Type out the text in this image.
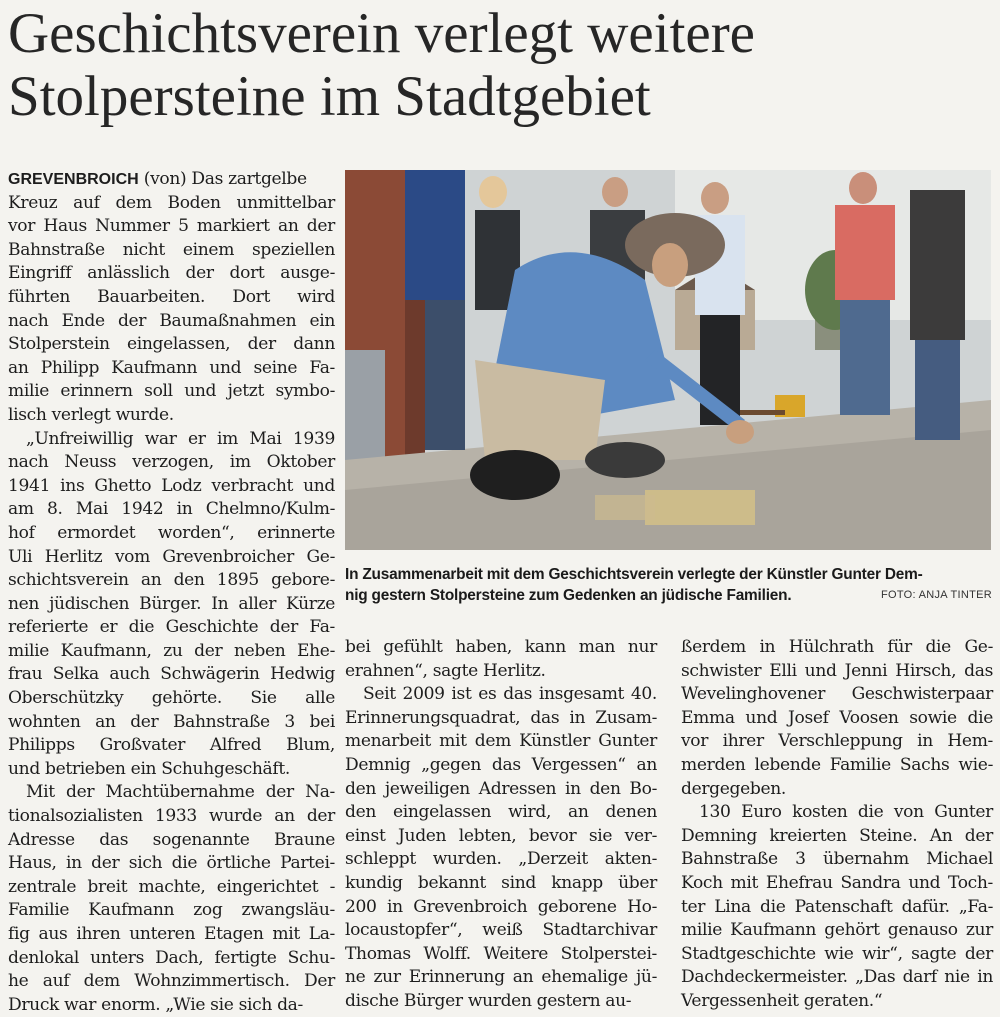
Geschichtsverein verlegt weitere
Stolpersteine im Stadtgebiet
GREVENBROICH (von) Das zartgelbe
Kreuz auf dem Boden unmittelbar
vor Haus Nummer 5 markiert an der
Bahnstraße nicht einem speziellen
Eingriff anlässlich der dort ausge-
führten Bauarbeiten. Dort wird
nach Ende der Baumaßnahmen ein
Stolperstein eingelassen, der dann
an Philipp Kaufmann und seine Fa-
milie erinnern soll und jetzt symbo-
lisch verlegt wurde.
„Unfreiwillig war er im Mai 1939
nach Neuss verzogen, im Oktober
1941 ins Ghetto Lodz verbracht und
am 8. Mai 1942 in Chelmno/Kulm-
hof ermordet worden“, erinnerte
Uli Herlitz vom Grevenbroicher Ge-
schichtsverein an den 1895 gebore-
nen jüdischen Bürger. In aller Kürze
referierte er die Geschichte der Fa-
milie Kaufmann, zu der neben Ehe-
frau Selka auch Schwägerin Hedwig
Oberschützky gehörte. Sie alle
wohnten an der Bahnstraße 3 bei
Philipps Großvater Alfred Blum,
und betrieben ein Schuhgeschäft.
Mit der Machtübernahme der Na-
tionalsozialisten 1933 wurde an der
Adresse das sogenannte Braune
Haus, in der sich die örtliche Partei-
zentrale breit machte, eingerichtet -
Familie Kaufmann zog zwangsläu-
fig aus ihren unteren Etagen mit La-
denlokal unters Dach, fertigte Schu-
he auf dem Wohnzimmertisch. Der
Druck war enorm. „Wie sie sich da-
In Zusammenarbeit mit dem Geschichtsverein verlegte der Künstler Gunter Dem-
nig gestern Stolpersteine zum Gedenken an jüdische Familien.	FOTO: ANJA TINTER
bei gefühlt haben, kann man nur
erahnen“, sagte Herlitz.
Seit 2009 ist es das insgesamt 40.
Erinnerungsquadrat, das in Zusam-
menarbeit mit dem Künstler Gunter
Demnig „gegen das Vergessen“ an
den jeweiligen Adressen in den Bo-
den eingelassen wird, an denen
einst Juden lebten, bevor sie ver-
schleppt wurden. „Derzeit akten-
kundig bekannt sind knapp über
200 in Grevenbroich geborene Ho-
locaustopfer“, weiß Stadtarchivar
Thomas Wolff. Weitere Stolperstei-
ne zur Erinnerung an ehemalige jü-
dische Bürger wurden gestern au-
ßerdem in Hülchrath für die Ge-
schwister Elli und Jenni Hirsch, das
Wevelinghovener Geschwisterpaar
Emma und Josef Voosen sowie die
vor ihrer Verschleppung in Hem-
merden lebende Familie Sachs wie-
dergegeben.
130 Euro kosten die von Gunter
Demning kreierten Steine. An der
Bahnstraße 3 übernahm Michael
Koch mit Ehefrau Sandra und Toch-
ter Lina die Patenschaft dafür. „Fa-
milie Kaufmann gehört genauso zur
Stadtgeschichte wie wir“, sagte der
Dachdeckermeister. „Das darf nie in
Vergessenheit geraten.“
